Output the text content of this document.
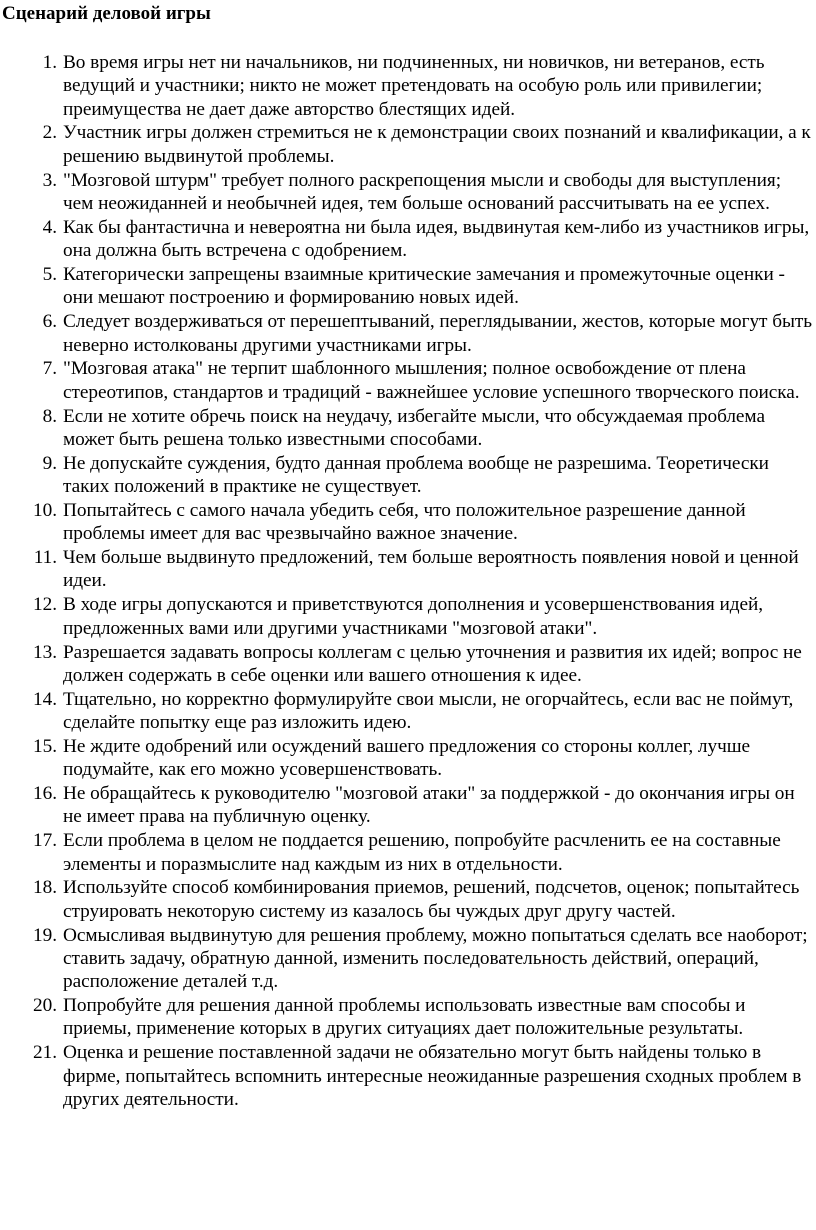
Сценарий деловой игры
1. Во время игры нет ни начальников, ни подчиненных, ни новичков, ни ветеранов, есть ведущий и участники; никто не может претендовать на особую роль или привилегии; преимущества не дает даже авторство блестящих идей.
2. Участник игры должен стремиться не к демонстрации своих познаний и квалификации, а к решению выдвинутой проблемы.
3. "Мозговой штурм" требует полного раскрепощения мысли и свободы для выступления; чем неожиданней и необычней идея, тем больше оснований рассчитывать на ее успех.
4. Как бы фантастична и невероятна ни была идея, выдвинутая кем-либо из участников игры, она должна быть встречена с одобрением.
5. Категорически запрещены взаимные критические замечания и промежуточные оценки - они мешают построению и формированию новых идей.
6. Следует воздерживаться от перешептываний, переглядывании, жестов, которые могут быть неверно истолкованы другими участниками игры.
7. "Мозговая атака" не терпит шаблонного мышления; полное освобождение от плена стереотипов, стандартов и традиций - важнейшее условие успешного творческого поиска.
8. Если не хотите обречь поиск на неудачу, избегайте мысли, что обсуждаемая проблема может быть решена только известными способами.
9. Не допускайте суждения, будто данная проблема вообще не разрешима. Теоретически таких положений в практике не существует.
10. Попытайтесь с самого начала убедить себя, что положительное разрешение данной проблемы имеет для вас чрезвычайно важное значение.
11. Чем больше выдвинуто предложений, тем больше вероятность появления новой и ценной идеи.
12. В ходе игры допускаются и приветствуются дополнения и усовершенствования идей, предложенных вами или другими участниками "мозговой атаки".
13. Разрешается задавать вопросы коллегам с целью уточнения и развития их идей; вопрос не должен содержать в себе оценки или вашего отношения к идее.
14. Тщательно, но корректно формулируйте свои мысли, не огорчайтесь, если вас не поймут, сделайте попытку еще раз изложить идею.
15. Не ждите одобрений или осуждений вашего предложения со стороны коллег, лучше подумайте, как его можно усовершенствовать.
16. Не обращайтесь к руководителю "мозговой атаки" за поддержкой - до окончания игры он не имеет права на публичную оценку.
17. Если проблема в целом не поддается решению, попробуйте расчленить ее на составные элементы и поразмыслите над каждым из них в отдельности.
18. Используйте способ комбинирования приемов, решений, подсчетов, оценок; попытайтесь струировать некоторую систему из казалось бы чуждых друг другу частей.
19. Осмысливая выдвинутую для решения проблему, можно попытаться сделать все наоборот; ставить задачу, обратную данной, изменить последовательность действий, операций, расположение деталей т.д.
20. Попробуйте для решения данной проблемы использовать известные вам способы и приемы, применение которых в других ситуациях дает положительные результаты.
21. Оценка и решение поставленной задачи не обязательно могут быть найдены только в фирме, попытайтесь вспомнить интересные неожиданные разрешения сходных проблем в других деятельности.
